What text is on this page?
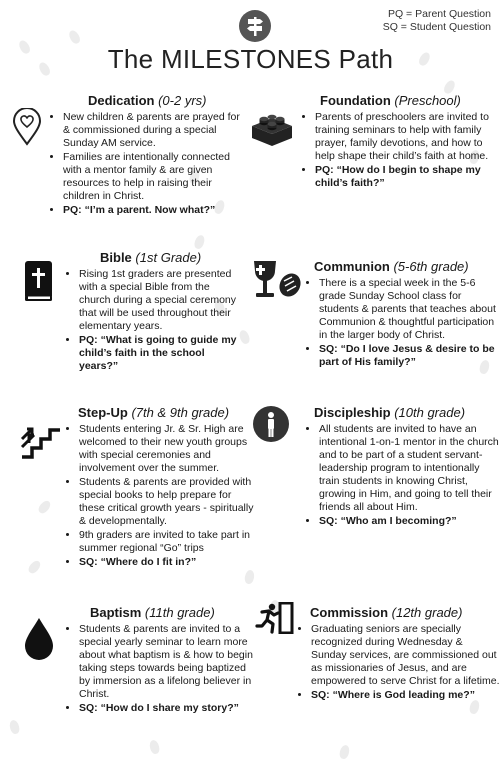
PQ = Parent Question
SQ = Student Question
The MILESTONES Path
Dedication (0-2 yrs)
• New children & parents are prayed for & commissioned during a special Sunday AM service.
• Families are intentionally connected with a mentor family & are given resources to help in raising their children in Christ.
• PQ: “I’m a parent. Now what?”
Foundation (Preschool)
• Parents of preschoolers are invited to training seminars to help with family prayer, family devotions, and how to help shape their child’s faith at home.
• PQ: “How do I begin to shape my child’s faith?”
Bible (1st Grade)
• Rising 1st graders are presented with a special Bible from the church during a special ceremony that will be used throughout their elementary years.
• PQ: “What is going to guide my child’s faith in the school years?”
Communion (5-6th grade)
• There is a special week in the 5-6 grade Sunday School class for students & parents that teaches about Communion & thoughtful participation in the larger body of Christ.
• SQ: “Do I love Jesus & desire to be part of His family?”
Step-Up (7th & 9th grade)
• Students entering Jr. & Sr. High are welcomed to their new youth groups with special ceremonies and involvement over the summer.
• Students & parents are provided with special books to help prepare for these critical growth years - spiritually & developmentally.
• 9th graders are invited to take part in summer regional “Go” trips
• SQ: “Where do I fit in?”
Discipleship (10th grade)
• All students are invited to have an intentional 1-on-1 mentor in the church and to be part of a student servant-leadership program to intentionally train students in knowing Christ, growing in Him, and going to tell their friends all about Him.
• SQ: “Who am I becoming?”
Baptism (11th grade)
• Students & parents are invited to a special yearly seminar to learn more about what baptism is & how to begin taking steps towards being baptized by immersion as a lifelong believer in Christ.
• SQ: “How do I share my story?”
Commission (12th grade)
• Graduating seniors are specially recognized during Wednesday & Sunday services, are commissioned out as missionaries of Jesus, and are empowered to serve Christ for a lifetime.
• SQ: “Where is God leading me?”
